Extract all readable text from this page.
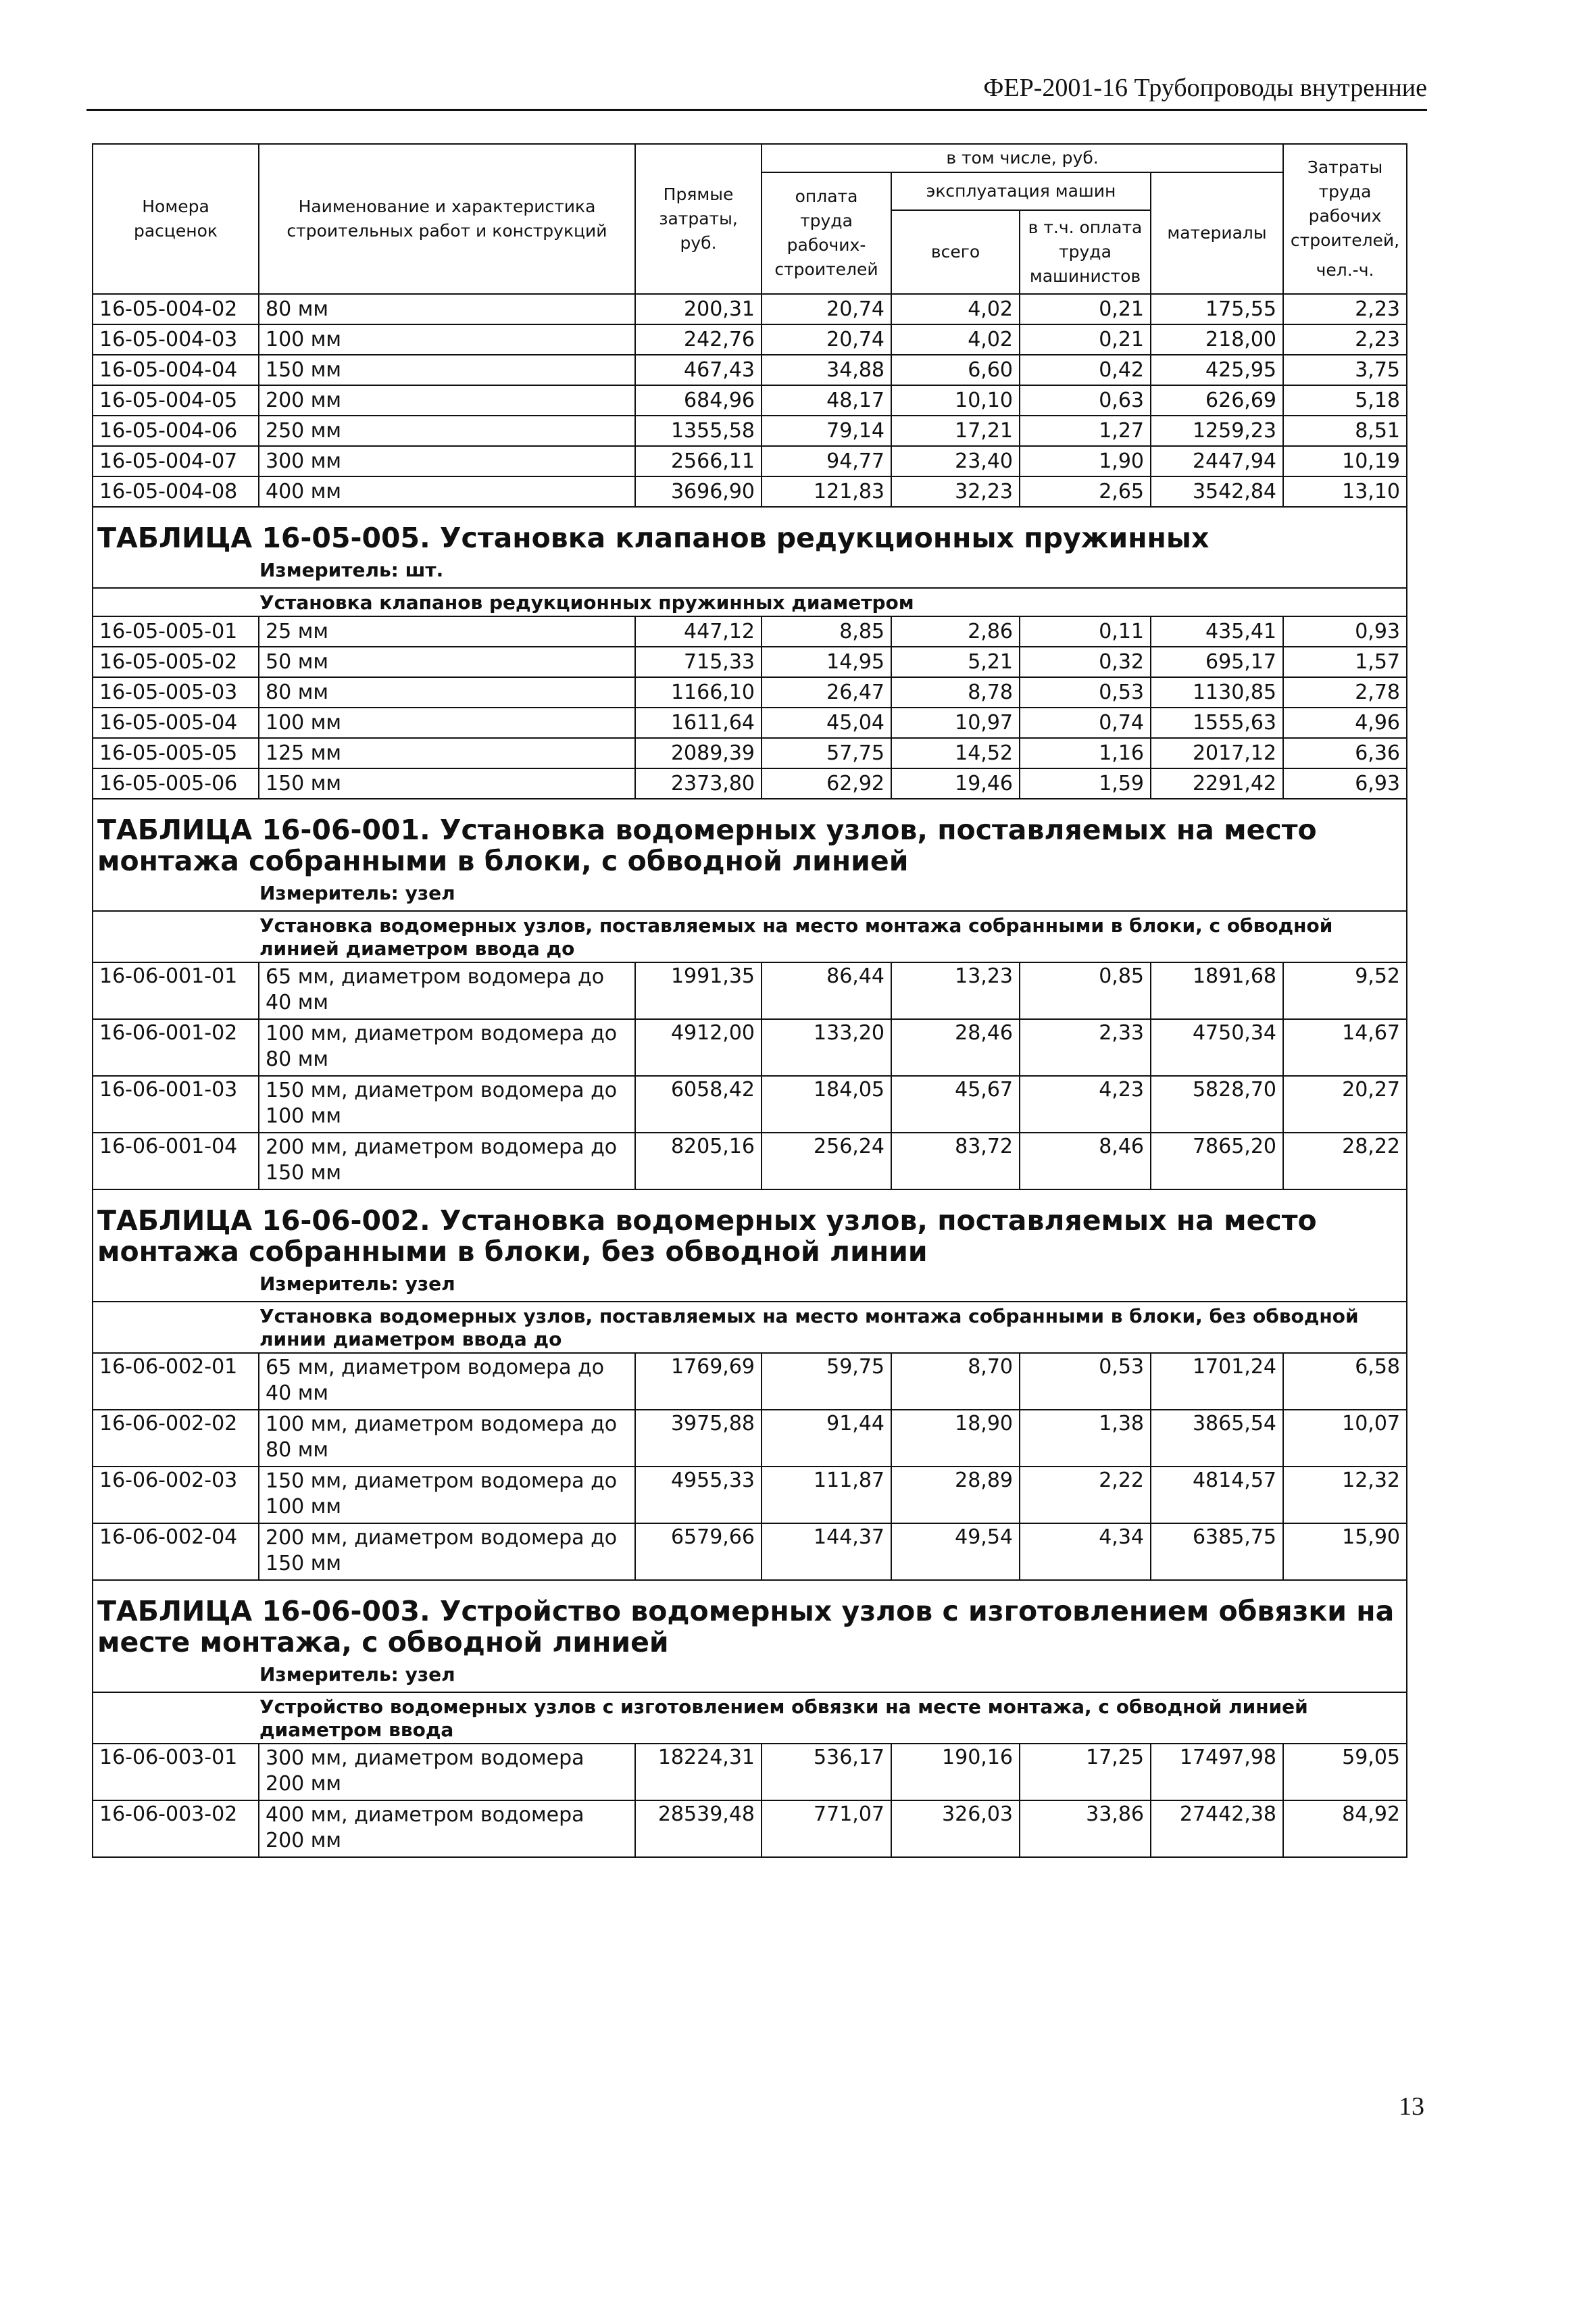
ФЕР-2001-16 Трубопроводы внутренние
Номера расценок	Наименование и характеристика строительных работ и конструкций	Прямые затраты, руб.	в том числе, руб.				Затраты труда рабочих строителей,
чел.-ч.

			оплата труда рабочих-строителей	эксплуатация машин		материалы	
				всего	в т.ч. оплата труда машинистов		

16-05-004-02	80 мм	200,31	20,74	4,02	0,21	175,55	2,23
16-05-004-03	100 мм	242,76	20,74	4,02	0,21	218,00	2,23
16-05-004-04	150 мм	467,43	34,88	6,60	0,42	425,95	3,75
16-05-004-05	200 мм	684,96	48,17	10,10	0,63	626,69	5,18
16-05-004-06	250 мм	1355,58	79,14	17,21	1,27	1259,23	8,51
16-05-004-07	300 мм	2566,11	94,77	23,40	1,90	2447,94	10,19
16-05-004-08	400 мм	3696,90	121,83	32,23	2,65	3542,84	13,10
ТАБЛИЦА 16-05-005. Установка клапанов редукционных пружинных							
Измеритель: шт.							
Установка клапанов редукционных пружинных диаметром							
16-05-005-01	25 мм	447,12	8,85	2,86	0,11	435,41	0,93
16-05-005-02	50 мм	715,33	14,95	5,21	0,32	695,17	1,57
16-05-005-03	80 мм	1166,10	26,47	8,78	0,53	1130,85	2,78
16-05-005-04	100 мм	1611,64	45,04	10,97	0,74	1555,63	4,96
16-05-005-05	125 мм	2089,39	57,75	14,52	1,16	2017,12	6,36
16-05-005-06	150 мм	2373,80	62,92	19,46	1,59	2291,42	6,93
ТАБЛИЦА 16-06-001. Установка водомерных узлов, поставляемых на место монтажа собранными в блоки, с обводной линией							
Измеритель: узел							
Установка водомерных узлов, поставляемых на место монтажа собранными в блоки, с обводной линией диаметром ввода до							
16-06-001-01	65 мм, диаметром водомера до 40 мм	1991,35	86,44	13,23	0,85	1891,68	9,52
16-06-001-02	100 мм, диаметром водомера до 80 мм	4912,00	133,20	28,46	2,33	4750,34	14,67
16-06-001-03	150 мм, диаметром водомера до 100 мм	6058,42	184,05	45,67	4,23	5828,70	20,27
16-06-001-04	200 мм, диаметром водомера до 150 мм	8205,16	256,24	83,72	8,46	7865,20	28,22
ТАБЛИЦА 16-06-002. Установка водомерных узлов, поставляемых на место монтажа собранными в блоки, без обводной линии							
Измеритель: узел							
Установка водомерных узлов, поставляемых на место монтажа собранными в блоки, без обводной линии диаметром ввода до							
16-06-002-01	65 мм, диаметром водомера до 40 мм	1769,69	59,75	8,70	0,53	1701,24	6,58
16-06-002-02	100 мм, диаметром водомера до 80 мм	3975,88	91,44	18,90	1,38	3865,54	10,07
16-06-002-03	150 мм, диаметром водомера до 100 мм	4955,33	111,87	28,89	2,22	4814,57	12,32
16-06-002-04	200 мм, диаметром водомера до 150 мм	6579,66	144,37	49,54	4,34	6385,75	15,90
ТАБЛИЦА 16-06-003. Устройство водомерных узлов с изготовлением обвязки на месте монтажа, с обводной линией							
Измеритель: узел							
Устройство водомерных узлов с изготовлением обвязки на месте монтажа, с обводной линией диаметром ввода							
16-06-003-01	300 мм, диаметром водомера 200 мм	18224,31	536,17	190,16	17,25	17497,98	59,05
16-06-003-02	400 мм, диаметром водомера 200 мм	28539,48	771,07	326,03	33,86	27442,38	84,92
13
